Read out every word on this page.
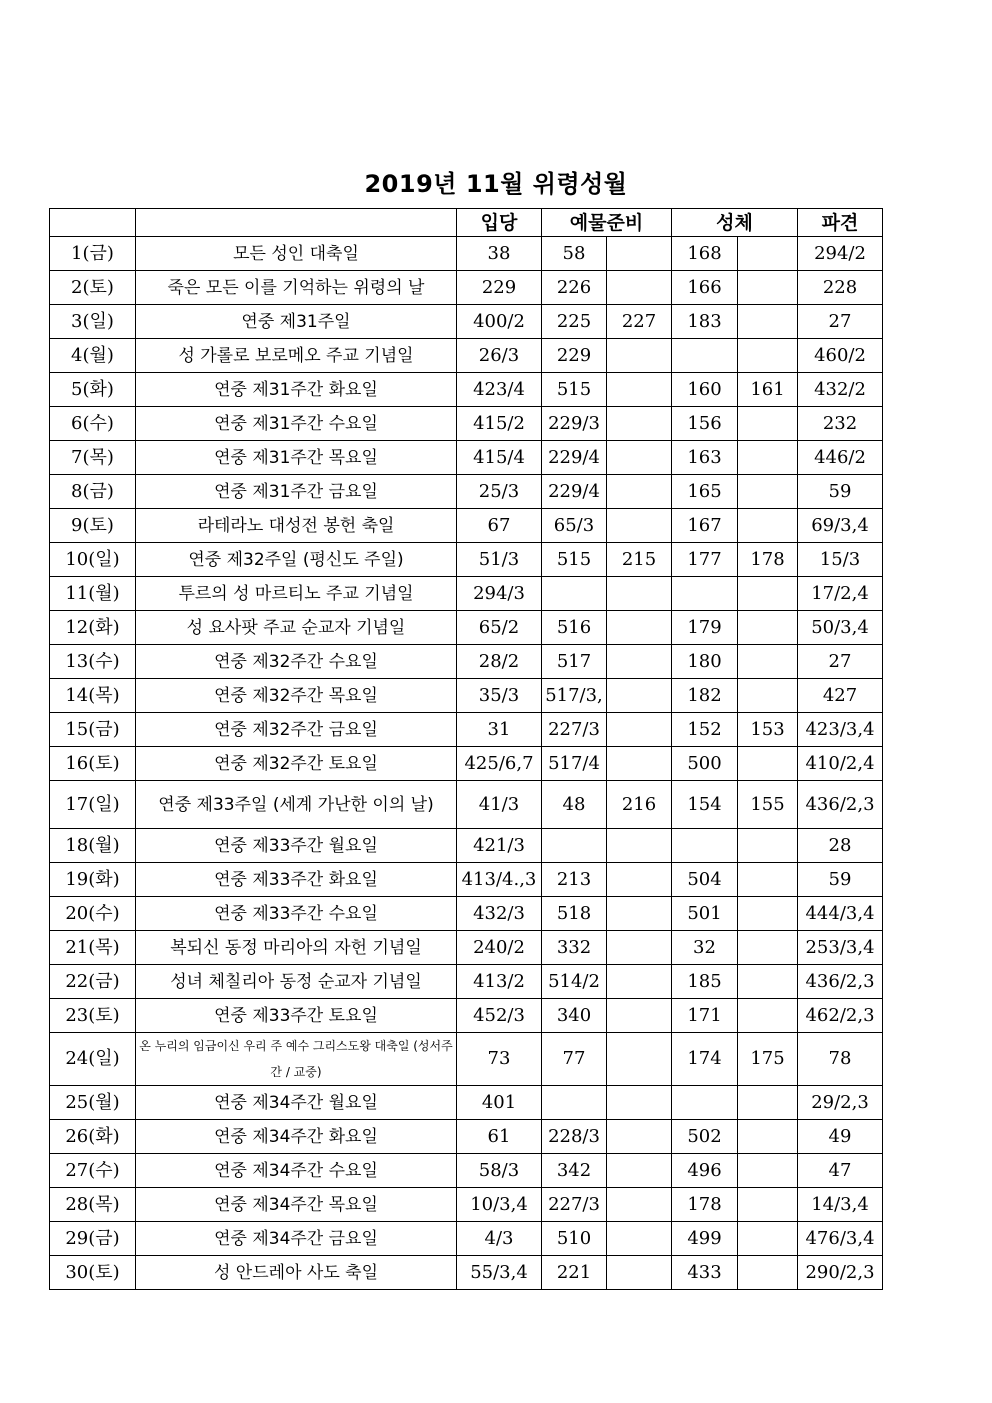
2019년 11월 위령성월
		입당	예물준비		성체		파견
1(금)	모든 성인 대축일	38	58		168		294/2
2(토)	죽은 모든 이를 기억하는 위령의 날	229	226		166		228
3(일)	연중 제31주일	400/2	225	227	183		27
4(월)	성 가롤로 보로메오 주교 기념일	26/3	229				460/2
5(화)	연중 제31주간 화요일	423/4	515		160	161	432/2
6(수)	연중 제31주간 수요일	415/2	229/3		156		232
7(목)	연중 제31주간 목요일	415/4	229/4		163		446/2
8(금)	연중 제31주간 금요일	25/3	229/4		165		59
9(토)	라테라노 대성전 봉헌 축일	67	65/3		167		69/3,4
10(일)	연중 제32주일 (평신도 주일)	51/3	515	215	177	178	15/3
11(월)	투르의 성 마르티노 주교 기념일	294/3					17/2,4
12(화)	성 요사팟 주교 순교자 기념일	65/2	516		179		50/3,4
13(수)	연중 제32주간 수요일	28/2	517		180		27
14(목)	연중 제32주간 목요일	35/3	517/3,		182		427
15(금)	연중 제32주간 금요일	31	227/3		152	153	423/3,4
16(토)	연중 제32주간 토요일	425/6,7	517/4		500		410/2,4
17(일)	연중 제33주일 (세계 가난한 이의 날)	41/3	48	216	154	155	436/2,3
18(월)	연중 제33주간 월요일	421/3					28
19(화)	연중 제33주간 화요일	413/4.,3	213		504		59
20(수)	연중 제33주간 수요일	432/3	518		501		444/3,4
21(목)	복되신 동정 마리아의 자헌 기념일	240/2	332		32		253/3,4
22(금)	성녀 체칠리아 동정 순교자 기념일	413/2	514/2		185		436/2,3
23(토)	연중 제33주간 토요일	452/3	340		171		462/2,3
24(일)	온 누리의 임금이신 우리 주 예수 그리스도왕 대축일 (성서주간 / 교중)	73	77		174	175	78
25(월)	연중 제34주간 월요일	401					29/2,3
26(화)	연중 제34주간 화요일	61	228/3		502		49
27(수)	연중 제34주간 수요일	58/3	342		496		47
28(목)	연중 제34주간 목요일	10/3,4	227/3		178		14/3,4
29(금)	연중 제34주간 금요일	4/3	510		499		476/3,4
30(토)	성 안드레아 사도 축일	55/3,4	221		433		290/2,3
